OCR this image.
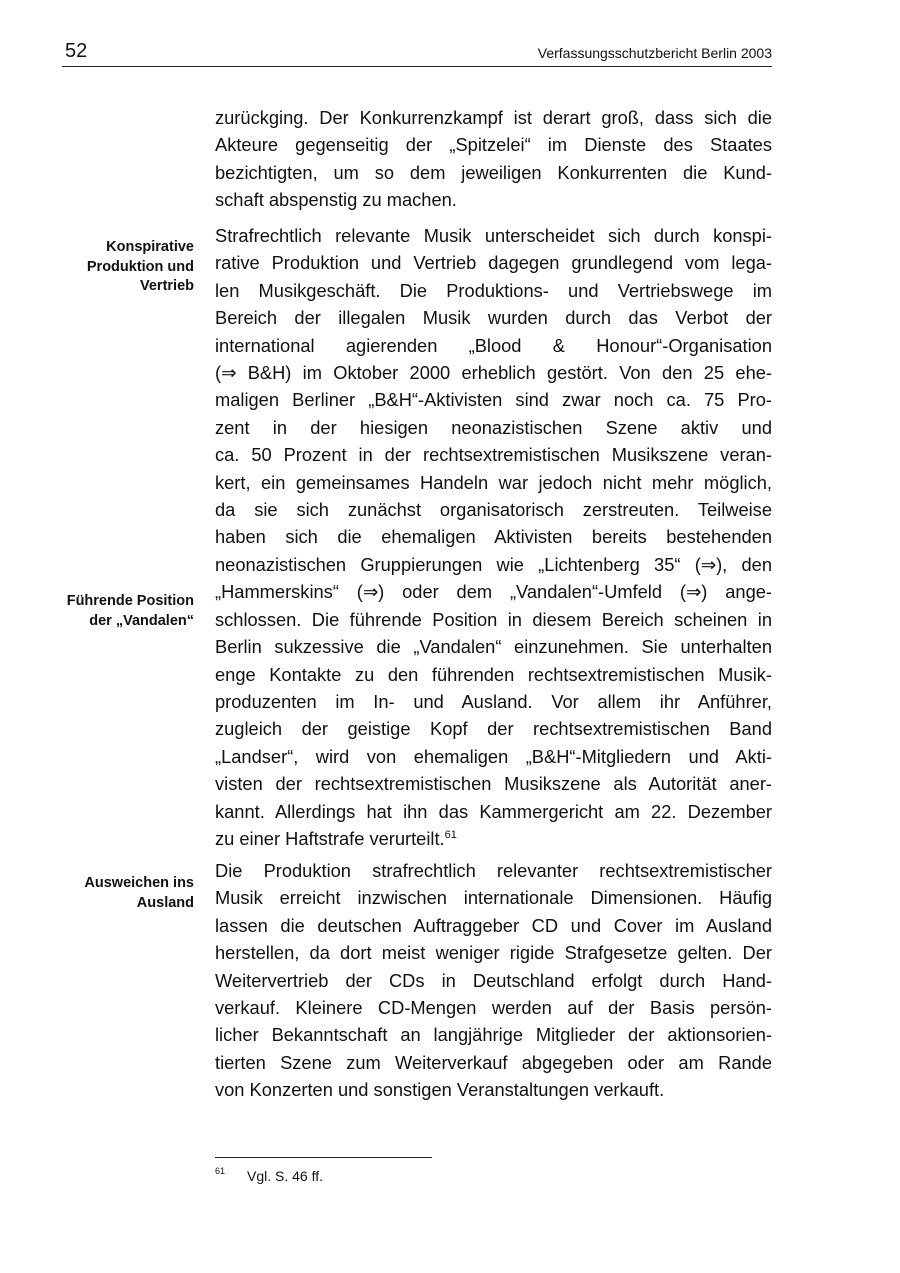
52	Verfassungsschutzbericht Berlin 2003
Konspirative
Produktion und
Vertrieb
Führende Position
der „Vandalen“
Ausweichen ins
Ausland
zurückging. Der Konkurrenzkampf ist derart groß, dass sich die
Akteure gegenseitig der „Spitzelei“ im Dienste des Staates
bezichtigten, um so dem jeweiligen Konkurrenten die Kund-
schaft abspenstig zu machen.
Strafrechtlich relevante Musik unterscheidet sich durch konspi-
rative Produktion und Vertrieb dagegen grundlegend vom lega-
len Musikgeschäft. Die Produktions- und Vertriebswege im
Bereich der illegalen Musik wurden durch das Verbot der
international agierenden „Blood & Honour“-Organisation
(⇒ B&H) im Oktober 2000 erheblich gestört. Von den 25 ehe-
maligen Berliner „B&H“-Aktivisten sind zwar noch ca. 75 Pro-
zent in der hiesigen neonazistischen Szene aktiv und
ca. 50 Prozent in der rechtsextremistischen Musikszene veran-
kert, ein gemeinsames Handeln war jedoch nicht mehr möglich,
da sie sich zunächst organisatorisch zerstreuten. Teilweise
haben sich die ehemaligen Aktivisten bereits bestehenden
neonazistischen Gruppierungen wie „Lichtenberg 35“ (⇒), den
„Hammerskins“ (⇒) oder dem „Vandalen“-Umfeld (⇒) ange-
schlossen. Die führende Position in diesem Bereich scheinen in
Berlin sukzessive die „Vandalen“ einzunehmen. Sie unterhalten
enge Kontakte zu den führenden rechtsextremistischen Musik-
produzenten im In- und Ausland. Vor allem ihr Anführer,
zugleich der geistige Kopf der rechtsextremistischen Band
„Landser“, wird von ehemaligen „B&H“-Mitgliedern und Akti-
visten der rechtsextremistischen Musikszene als Autorität aner-
kannt. Allerdings hat ihn das Kammergericht am 22. Dezember
zu einer Haftstrafe verurteilt.$^{61}$
Die Produktion strafrechtlich relevanter rechtsextremistischer
Musik erreicht inzwischen internationale Dimensionen. Häufig
lassen die deutschen Auftraggeber CD und Cover im Ausland
herstellen, da dort meist weniger rigide Strafgesetze gelten. Der
Weitervertrieb der CDs in Deutschland erfolgt durch Hand-
verkauf. Kleinere CD-Mengen werden auf der Basis persön-
licher Bekanntschaft an langjährige Mitglieder der aktionsorien-
tierten Szene zum Weiterverkauf abgegeben oder am Rande
von Konzerten und sonstigen Veranstaltungen verkauft.
$^{61}$ Vgl. S. 46 ff.
